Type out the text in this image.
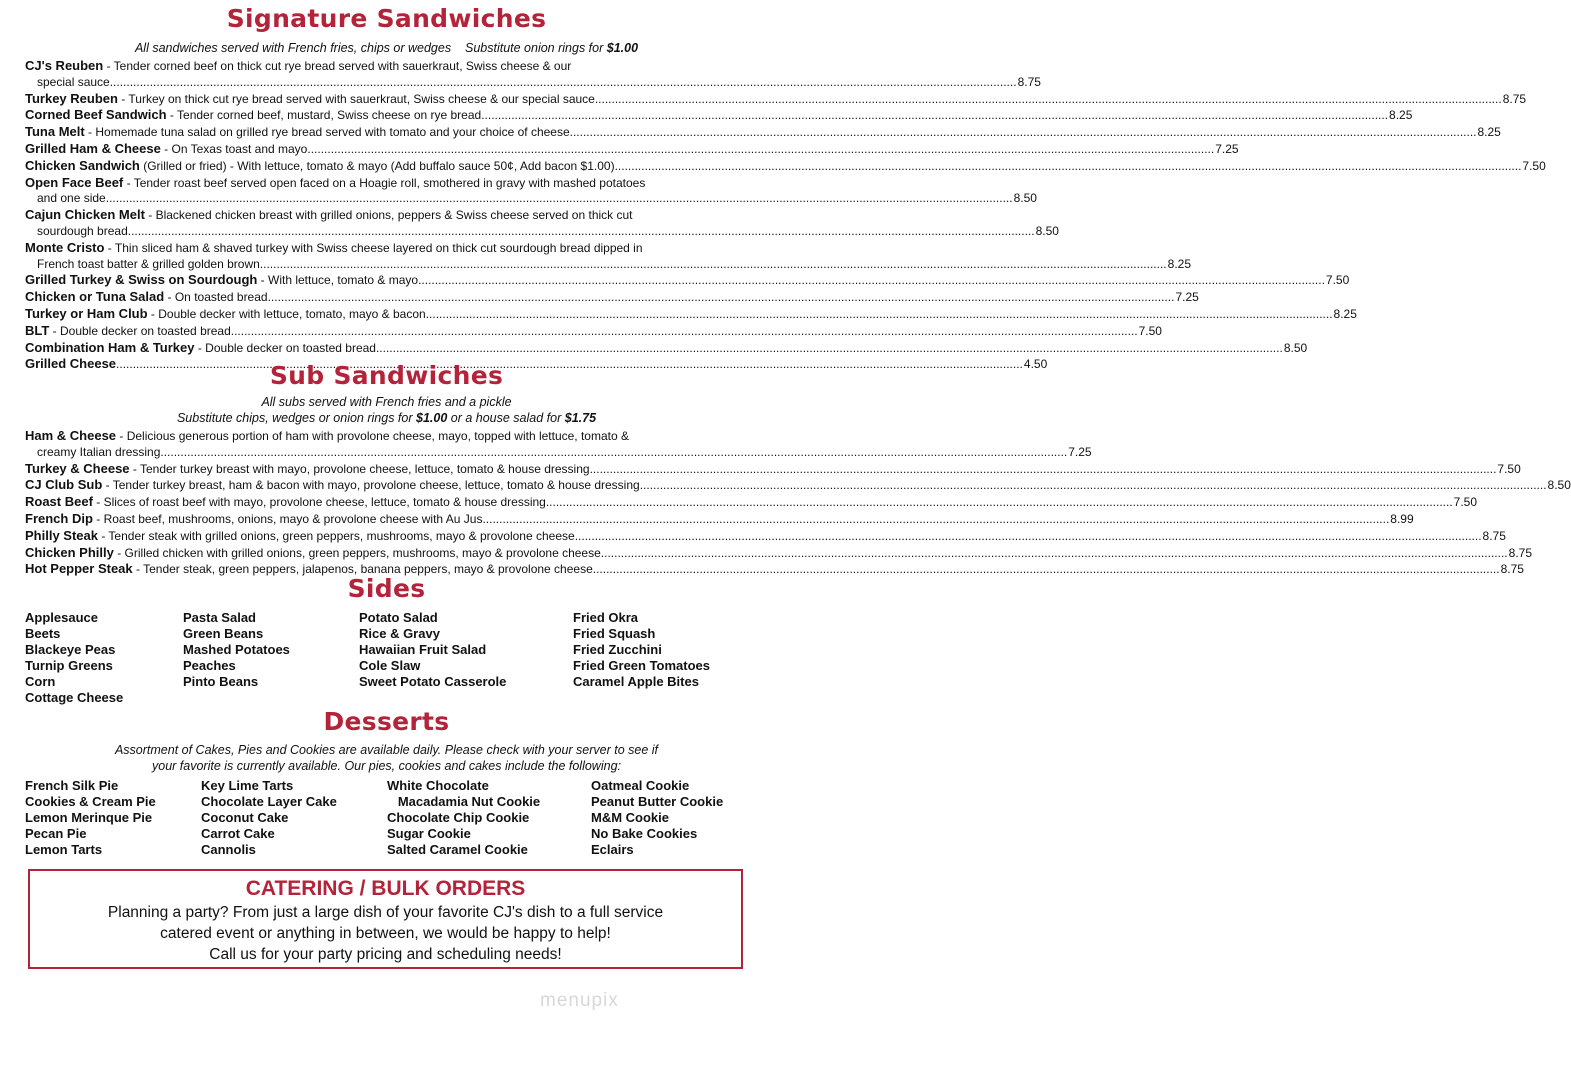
Signature Sandwiches
All sandwiches served with French fries, chips or wedges Substitute onion rings for $1.00
CJ's Reuben - Tender corned beef on thick cut rye bread served with sauerkraut, Swiss cheese & our
special sauce .....	8.75
Turkey Reuben - Turkey on thick cut rye bread served with sauerkraut, Swiss cheese & our special sauce .....	8.75
Corned Beef Sandwich - Tender corned beef, mustard, Swiss cheese on rye bread .....	8.25
Tuna Melt - Homemade tuna salad on grilled rye bread served with tomato and your choice of cheese .....	8.25
Grilled Ham & Cheese - On Texas toast and mayo .....	7.25
Chicken Sandwich (Grilled or fried) - With lettuce, tomato & mayo (Add buffalo sauce 50¢, Add bacon $1.00) .....	7.50
Open Face Beef - Tender roast beef served open faced on a Hoagie roll, smothered in gravy with mashed potatoes
and one side .....	8.50
Cajun Chicken Melt - Blackened chicken breast with grilled onions, peppers & Swiss cheese served on thick cut
sourdough bread .....	8.50
Monte Cristo - Thin sliced ham & shaved turkey with Swiss cheese layered on thick cut sourdough bread dipped in
French toast batter & grilled golden brown .....	8.25
Grilled Turkey & Swiss on Sourdough - With lettuce, tomato & mayo .....	7.50
Chicken or Tuna Salad - On toasted bread .....	7.25
Turkey or Ham Club - Double decker with lettuce, tomato, mayo & bacon .....	8.25
BLT - Double decker on toasted bread .....	7.50
Combination Ham & Turkey - Double decker on toasted bread .....	8.50
Grilled Cheese .....	4.50
Sub Sandwiches
All subs served with French fries and a pickle
Substitute chips, wedges or onion rings for $1.00 or a house salad for $1.75
Ham & Cheese - Delicious generous portion of ham with provolone cheese, mayo, topped with lettuce, tomato &
creamy Italian dressing .....	7.25
Turkey & Cheese - Tender turkey breast with mayo, provolone cheese, lettuce, tomato & house dressing .....	7.50
CJ Club Sub - Tender turkey breast, ham & bacon with mayo, provolone cheese, lettuce, tomato & house dressing .....	8.50
Roast Beef - Slices of roast beef with mayo, provolone cheese, lettuce, tomato & house dressing .....	7.50
French Dip - Roast beef, mushrooms, onions, mayo & provolone cheese with Au Jus .....	8.99
Philly Steak - Tender steak with grilled onions, green peppers, mushrooms, mayo & provolone cheese .....	8.75
Chicken Philly - Grilled chicken with grilled onions, green peppers, mushrooms, mayo & provolone cheese .....	8.75
Hot Pepper Steak - Tender steak, green peppers, jalapenos, banana peppers, mayo & provolone cheese .....	8.75
Sides
Applesauce
Beets
Blackeye Peas
Turnip Greens
Corn
Cottage Cheese
Pasta Salad
Green Beans
Mashed Potatoes
Peaches
Pinto Beans
Potato Salad
Rice & Gravy
Hawaiian Fruit Salad
Cole Slaw
Sweet Potato Casserole
Fried Okra
Fried Squash
Fried Zucchini
Fried Green Tomatoes
Caramel Apple Bites
Desserts
Assortment of Cakes, Pies and Cookies are available daily. Please check with your server to see if
your favorite is currently available. Our pies, cookies and cakes include the following:
French Silk Pie
Cookies & Cream Pie
Lemon Merinque Pie
Pecan Pie
Lemon Tarts
Key Lime Tarts
Chocolate Layer Cake
Coconut Cake
Carrot Cake
Cannolis
White Chocolate
Macadamia Nut Cookie
Chocolate Chip Cookie
Sugar Cookie
Salted Caramel Cookie
Oatmeal Cookie
Peanut Butter Cookie
M&M Cookie
No Bake Cookies
Eclairs
CATERING / BULK ORDERS
Planning a party? From just a large dish of your favorite CJ's dish to a full service
catered event or anything in between, we would be happy to help!
Call us for your party pricing and scheduling needs!
menupix
